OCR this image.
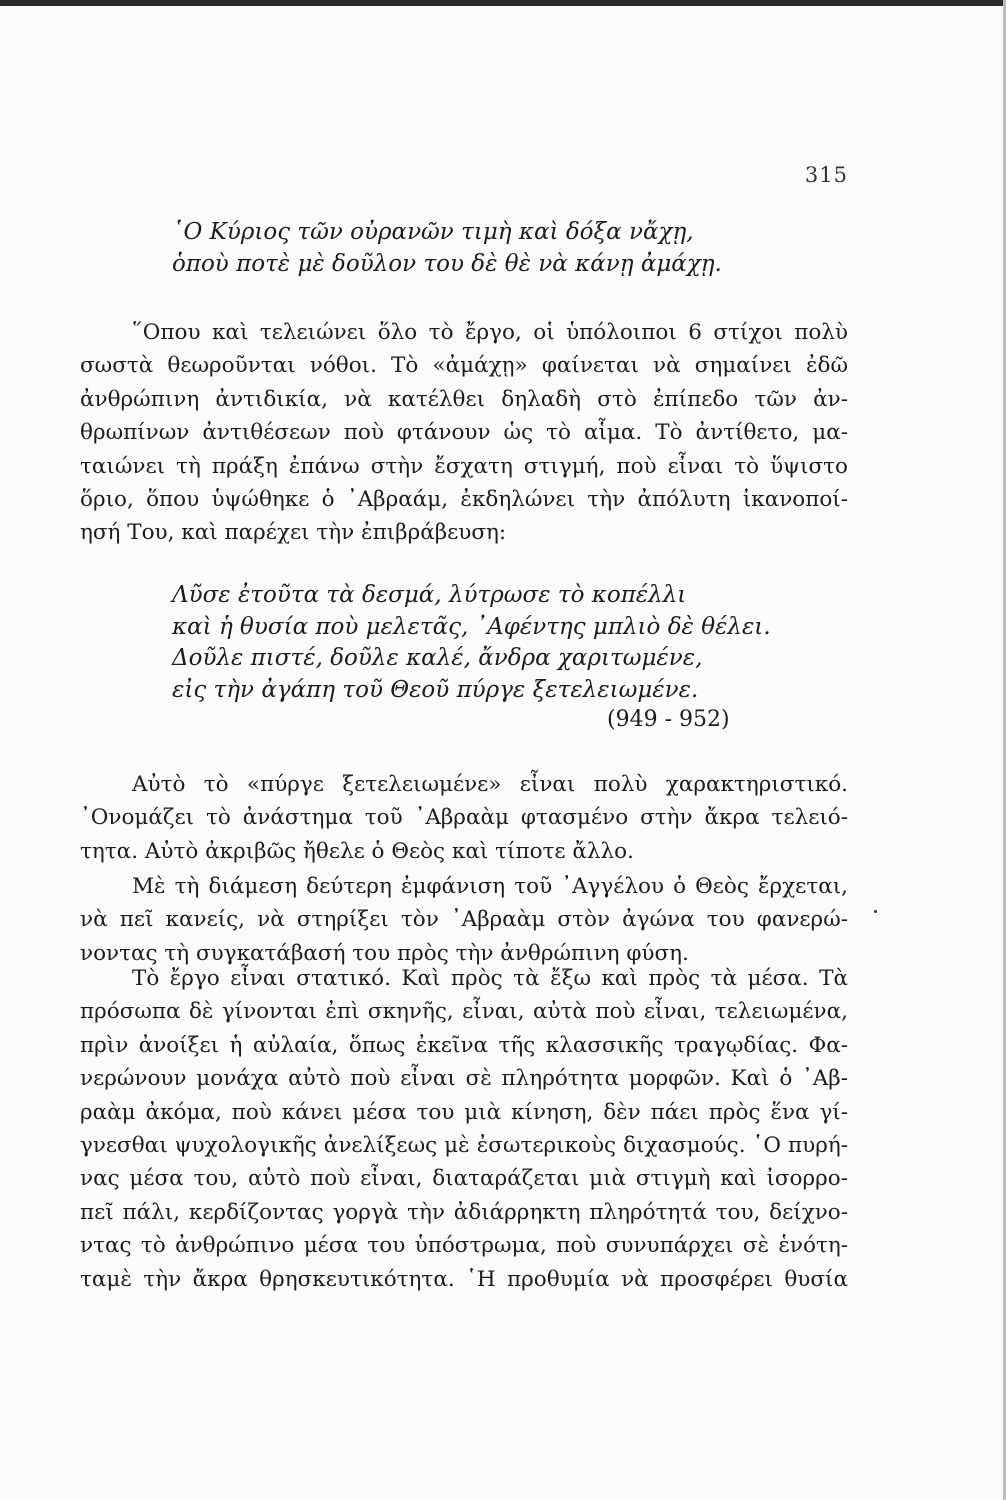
315
῾Ο Κύριος τῶν οὐρανῶν τιμὴ καὶ δόξα νἄχῃ,
ὁποὺ ποτὲ μὲ δοῦλον του δὲ θὲ νὰ κάνῃ ἀμάχῃ.
῞Οπου καὶ τελειώνει ὅλο τὸ ἔργο, οἱ ὑπόλοιποι 6 στίχοι πολὺ
σωστὰ θεωροῦνται νόθοι. Τὸ «ἀμάχῃ» φαίνεται νὰ σημαίνει ἐδῶ
ἀνθρώπινη ἀντιδικία, νὰ κατέλθει δηλαδὴ στὸ ἐπίπεδο τῶν ἀν-
θρωπίνων ἀντιθέσεων ποὺ φτάνουν ὡς τὸ αἷμα. Τὸ ἀντίθετο, μα-
ταιώνει τὴ πράξη ἐπάνω στὴν ἔσχατη στιγμή, ποὺ εἶναι τὸ ὕψιστο
ὅριο, ὅπου ὑψώθηκε ὁ ᾿Αβραάμ, ἐκδηλώνει τὴν ἀπόλυτη ἱκανοποί-
ησή Του, καὶ παρέχει τὴν ἐπιβράβευση:
Λῦσε ἐτοῦτα τὰ δεσμά, λύτρωσε τὸ κοπέλλι
καὶ ἡ θυσία ποὺ μελετᾶς, ᾿Αφέντης μπλιὸ δὲ θέλει.
Δοῦλε πιστέ, δοῦλε καλέ, ἄνδρα χαριτωμένε,
εἰς τὴν ἀγάπη τοῦ Θεοῦ πύργε ξετελειωμένε.
(949 - 952)
Αὐτὸ τὸ «πύργε ξετελειωμένε» εἶναι πολὺ χαρακτηριστικό.
᾿Ονομάζει τὸ ἀνάστημα τοῦ ᾿Αβραὰμ φτασμένο στὴν ἄκρα τελειό-
τητα. Αὐτὸ ἀκριβῶς ἤθελε ὁ Θεὸς καὶ τίποτε ἄλλο.
Μὲ τὴ διάμεση δεύτερη ἐμφάνιση τοῦ ᾿Αγγέλου ὁ Θεὸς ἔρχεται,
νὰ πεῖ κανείς, νὰ στηρίξει τὸν ᾿Αβραὰμ στὸν ἀγώνα του φανερώ-
νοντας τὴ συγκατάβασή του πρὸς τὴν ἀνθρώπινη φύση.
Τὸ ἔργο εἶναι στατικό. Καὶ πρὸς τὰ ἔξω καὶ πρὸς τὰ μέσα. Τὰ
πρόσωπα δὲ γίνονται ἐπὶ σκηνῆς, εἶναι, αὐτὰ ποὺ εἶναι, τελειωμένα,
πρὶν ἀνοίξει ἡ αὐλαία, ὅπως ἐκεῖνα τῆς κλασσικῆς τραγῳδίας. Φα-
νερώνουν μονάχα αὐτὸ ποὺ εἶναι σὲ πληρότητα μορφῶν. Καὶ ὁ ᾿Αβ-
ραὰμ ἀκόμα, ποὺ κάνει μέσα του μιὰ κίνηση, δὲν πάει πρὸς ἕνα γί-
γνεσθαι ψυχολογικῆς ἀνελίξεως μὲ ἐσωτερικοὺς διχασμούς. ῾Ο πυρή-
νας μέσα του, αὐτὸ ποὺ εἶναι, διαταράζεται μιὰ στιγμὴ καὶ ἰσορρο-
πεῖ πάλι, κερδίζοντας γοργὰ τὴν ἀδιάρρηκτη πληρότητά του, δείχνο-
ντας τὸ ἀνθρώπινο μέσα του ὑπόστρωμα, ποὺ συνυπάρχει σὲ ἑνότη-
ταμὲ τὴν ἄκρα θρησκευτικότητα. ῾Η προθυμία νὰ προσφέρει θυσία
